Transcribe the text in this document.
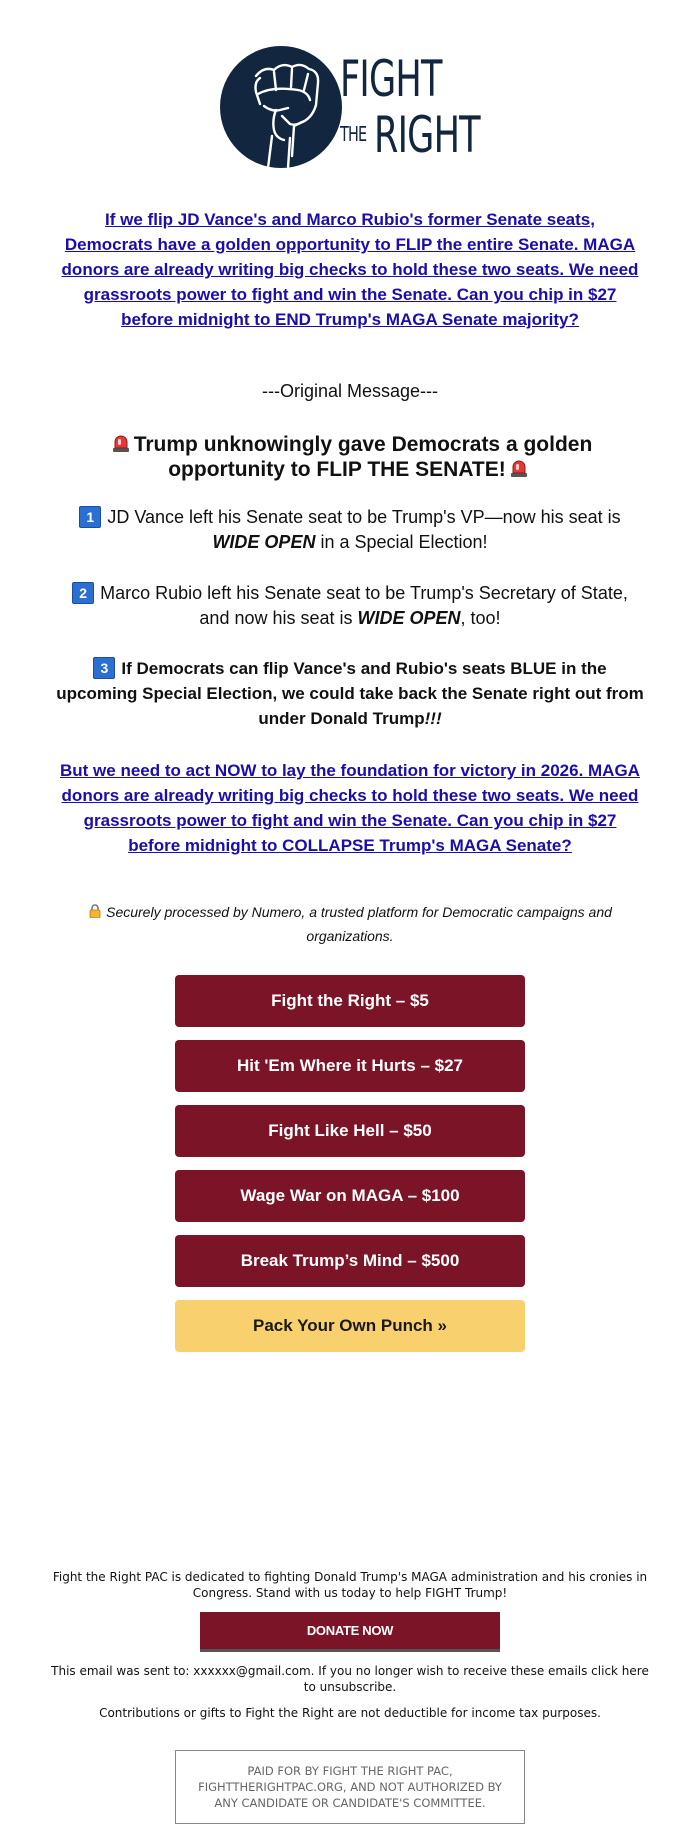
FIGHT
THE RIGHT
If we flip JD Vance's and Marco Rubio's former Senate seats, Democrats have a golden opportunity to FLIP the entire Senate. MAGA donors are already writing big checks to hold these two seats. We need grassroots power to fight and win the Senate. Can you chip in $27 before midnight to END Trump's MAGA Senate majority?
---Original Message---
Trump unknowingly gave Democrats a golden opportunity to FLIP THE SENATE!
1 JD Vance left his Senate seat to be Trump's VP—now his seat is WIDE OPEN in a Special Election!
2 Marco Rubio left his Senate seat to be Trump's Secretary of State, and now his seat is WIDE OPEN, too!
3 If Democrats can flip Vance's and Rubio's seats BLUE in the upcoming Special Election, we could take back the Senate right out from under Donald Trump!!!
But we need to act NOW to lay the foundation for victory in 2026. MAGA donors are already writing big checks to hold these two seats. We need grassroots power to fight and win the Senate. Can you chip in $27 before midnight to COLLAPSE Trump's MAGA Senate?
Securely processed by Numero, a trusted platform for Democratic campaigns and organizations.
Fight the Right – $5
Hit 'Em Where it Hurts – $27
Fight Like Hell – $50
Wage War on MAGA – $100
Break Trump’s Mind – $500
Pack Your Own Punch »
Fight the Right PAC is dedicated to fighting Donald Trump's MAGA administration and his cronies in Congress. Stand with us today to help FIGHT Trump!
DONATE NOW
This email was sent to: xxxxxx@gmail.com. If you no longer wish to receive these emails click here to unsubscribe.
Contributions or gifts to Fight the Right are not deductible for income tax purposes.
PAID FOR BY FIGHT THE RIGHT PAC, FIGHTTHERIGHTPAC.ORG, AND NOT AUTHORIZED BY ANY CANDIDATE OR CANDIDATE'S COMMITTEE.
